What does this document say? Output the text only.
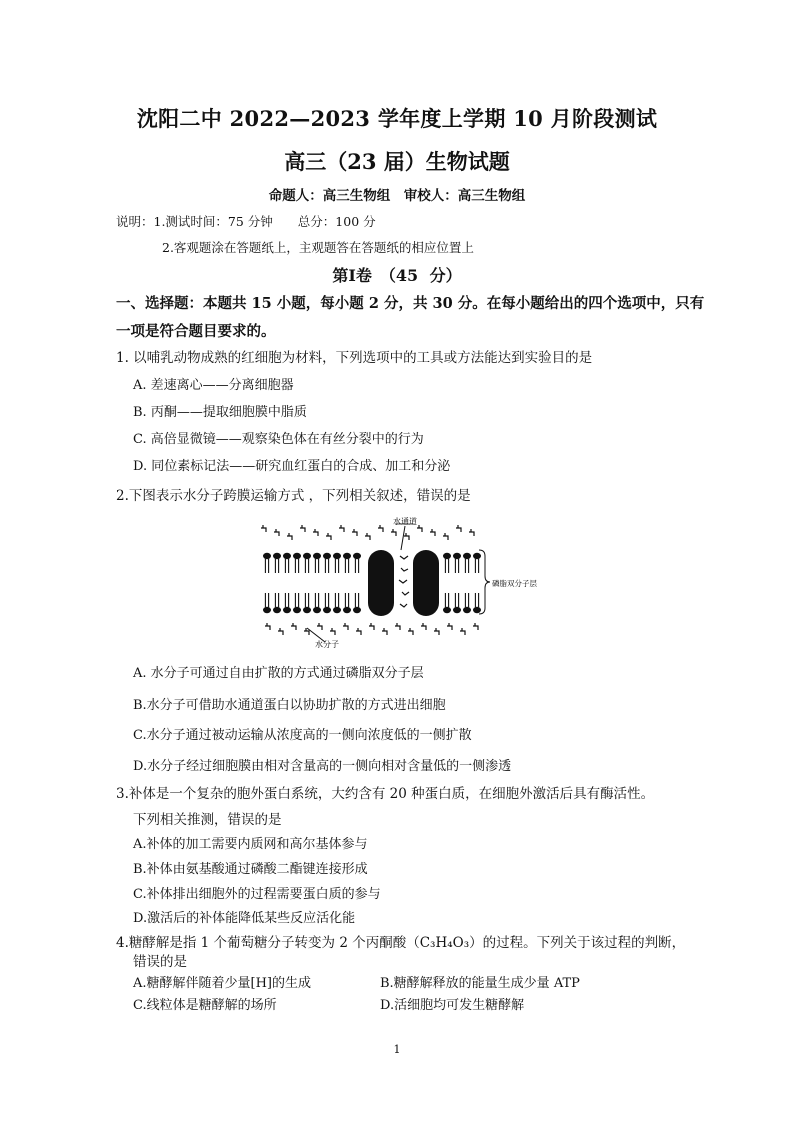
沈阳二中 2022—2023 学年度上学期 10 月阶段测试
高三（23 届）生物试题
命题人：高三生物组　审校人：高三生物组
说明：1.测试时间：75 分钟　　总分：100 分
2.客观题涂在答题纸上，主观题答在答题纸的相应位置上
第Ⅰ卷　（45 分）
一、选择题：本题共 15 小题，每小题 2 分，共 30 分。在每小题给出的四个选项中，只有
一项是符合题目要求的。
1. 以哺乳动物成熟的红细胞为材料，下列选项中的工具或方法能达到实验目的是
A. 差速离心——分离细胞器
B. 丙酮——提取细胞膜中脂质
C. 高倍显微镜——观察染色体在有丝分裂中的行为
D. 同位素标记法——研究血红蛋白的合成、加工和分泌
2.下图表示水分子跨膜运输方式 ，下列相关叙述，错误的是
水通道
磷脂双分子层
水分子
A. 水分子可通过自由扩散的方式通过磷脂双分子层
B.水分子可借助水通道蛋白以协助扩散的方式进出细胞
C.水分子通过被动运输从浓度高的一侧向浓度低的一侧扩散
D.水分子经过细胞膜由相对含量高的一侧向相对含量低的一侧渗透
3.补体是一个复杂的胞外蛋白系统，大约含有 20 种蛋白质，在细胞外激活后具有酶活性。
下列相关推测，错误的是
A.补体的加工需要内质网和高尔基体参与
B.补体由氨基酸通过磷酸二酯键连接形成
C.补体排出细胞外的过程需要蛋白质的参与
D.激活后的补体能降低某些反应活化能
4.糖酵解是指 1 个葡萄糖分子转变为 2 个丙酮酸（C₃H₄O₃）的过程。下列关于该过程的判断，
错误的是
A.糖酵解伴随着少量[H]的生成	B.糖酵解释放的能量生成少量 ATP
C.线粒体是糖酵解的场所	D.活细胞均可发生糖酵解
1
